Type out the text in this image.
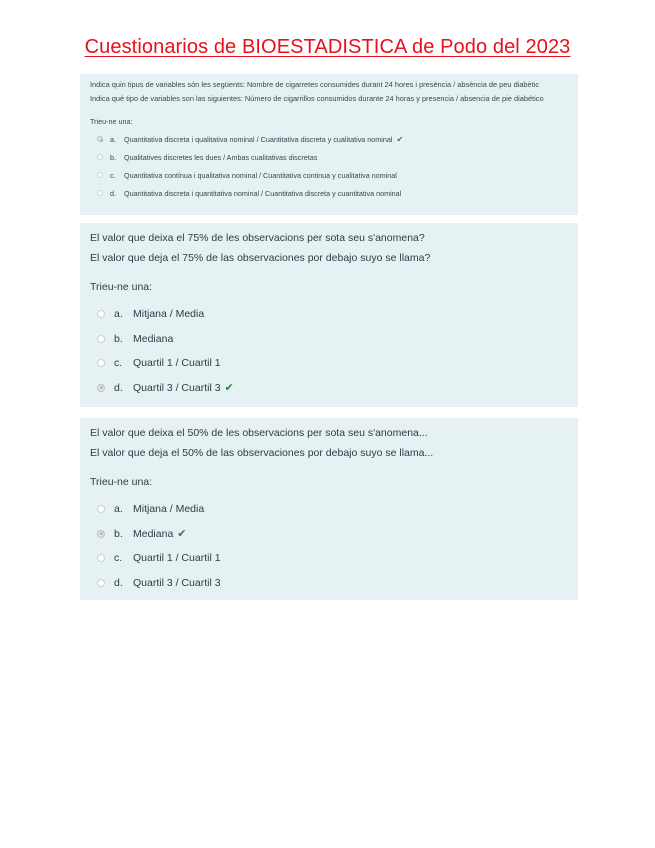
Cuestionarios de BIOESTADISTICA de Podo del 2023
Indica quin tipus de variables són les següents: Nombre de cigarretes consumides durant 24 hores i presència / absència de peu diabètic
Indica qué tipo de variables son las siguientes: Número de cigarrillos consumidos durante 24 horas y presencia / absencia de pie diabético
Trieu-ne una:
a.	Quantitativa discreta i qualitativa nominal / Cuantitativa discreta y cualitativa nominal ✔
b.	Qualitatives discretes les dues / Ambas cualitativas discretas
c.	Quantitativa contínua i qualitativa nominal / Cuantitativa continua y cualitativa nominal
d.	Quantitativa discreta i quantitativa nominal / Cuantitativa discreta y cuantitativa nominal
El valor que deixa el 75% de les observacions per sota seu s'anomena?
El valor que deja el 75% de las observaciones por debajo suyo se llama?
Trieu-ne una:
a. Mitjana / Media
b. Mediana
c.	Quartil 1 / Cuartil 1
d. Quartil 3 / Cuartil 3 ✔
El valor que deixa el 50% de les observacions per sota seu s'anomena...
El valor que deja el 50% de las observaciones por debajo suyo se llama...
Trieu-ne una:
a. Mitjana / Media
b. Mediana ✔
c.	Quartil 1 / Cuartil 1
d. Quartil 3 / Cuartil 3
